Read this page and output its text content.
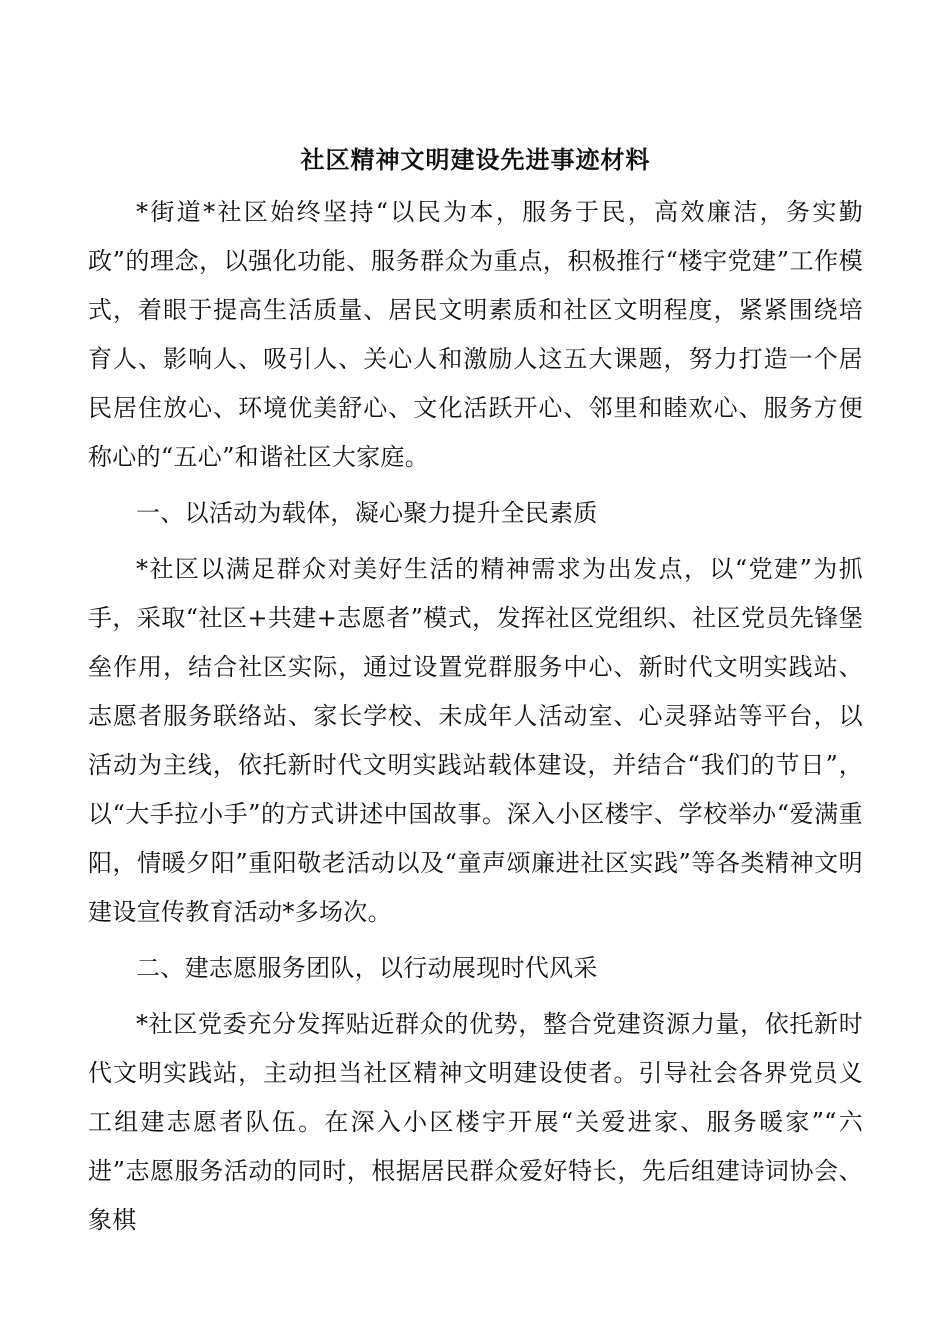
社区精神文明建设先进事迹材料

*街道*社区始终坚持“以民为本，服务于民，高效廉洁，务实勤政”的理念，以强化功能、服务群众为重点，积极推行“楼宇党建”工作模式，着眼于提高生活质量、居民文明素质和社区文明程度，紧紧围绕培育人、影响人、吸引人、关心人和激励人这五大课题，努力打造一个居民居住放心、环境优美舒心、文化活跃开心、邻里和睦欢心、服务方便称心的“五心”和谐社区大家庭。

一、以活动为载体，凝心聚力提升全民素质

*社区以满足群众对美好生活的精神需求为出发点，以“党建”为抓手，采取“社区+共建+志愿者”模式，发挥社区党组织、社区党员先锋堡垒作用，结合社区实际，通过设置党群服务中心、新时代文明实践站、志愿者服务联络站、家长学校、未成年人活动室、心灵驿站等平台，以活动为主线，依托新时代文明实践站载体建设，并结合“我们的节日”，以“大手拉小手”的方式讲述中国故事。深入小区楼宇、学校举办“爱满重阳，情暖夕阳”重阳敬老活动以及“童声颂廉进社区实践”等各类精神文明建设宣传教育活动*多场次。

二、建志愿服务团队，以行动展现时代风采

*社区党委充分发挥贴近群众的优势，整合党建资源力量，依托新时代文明实践站，主动担当社区精神文明建设使者。引导社会各界党员义工组建志愿者队伍。在深入小区楼宇开展“关爱进家、服务暖家”“六进”志愿服务活动的同时，根据居民群众爱好特长，先后组建诗词协会、象棋
